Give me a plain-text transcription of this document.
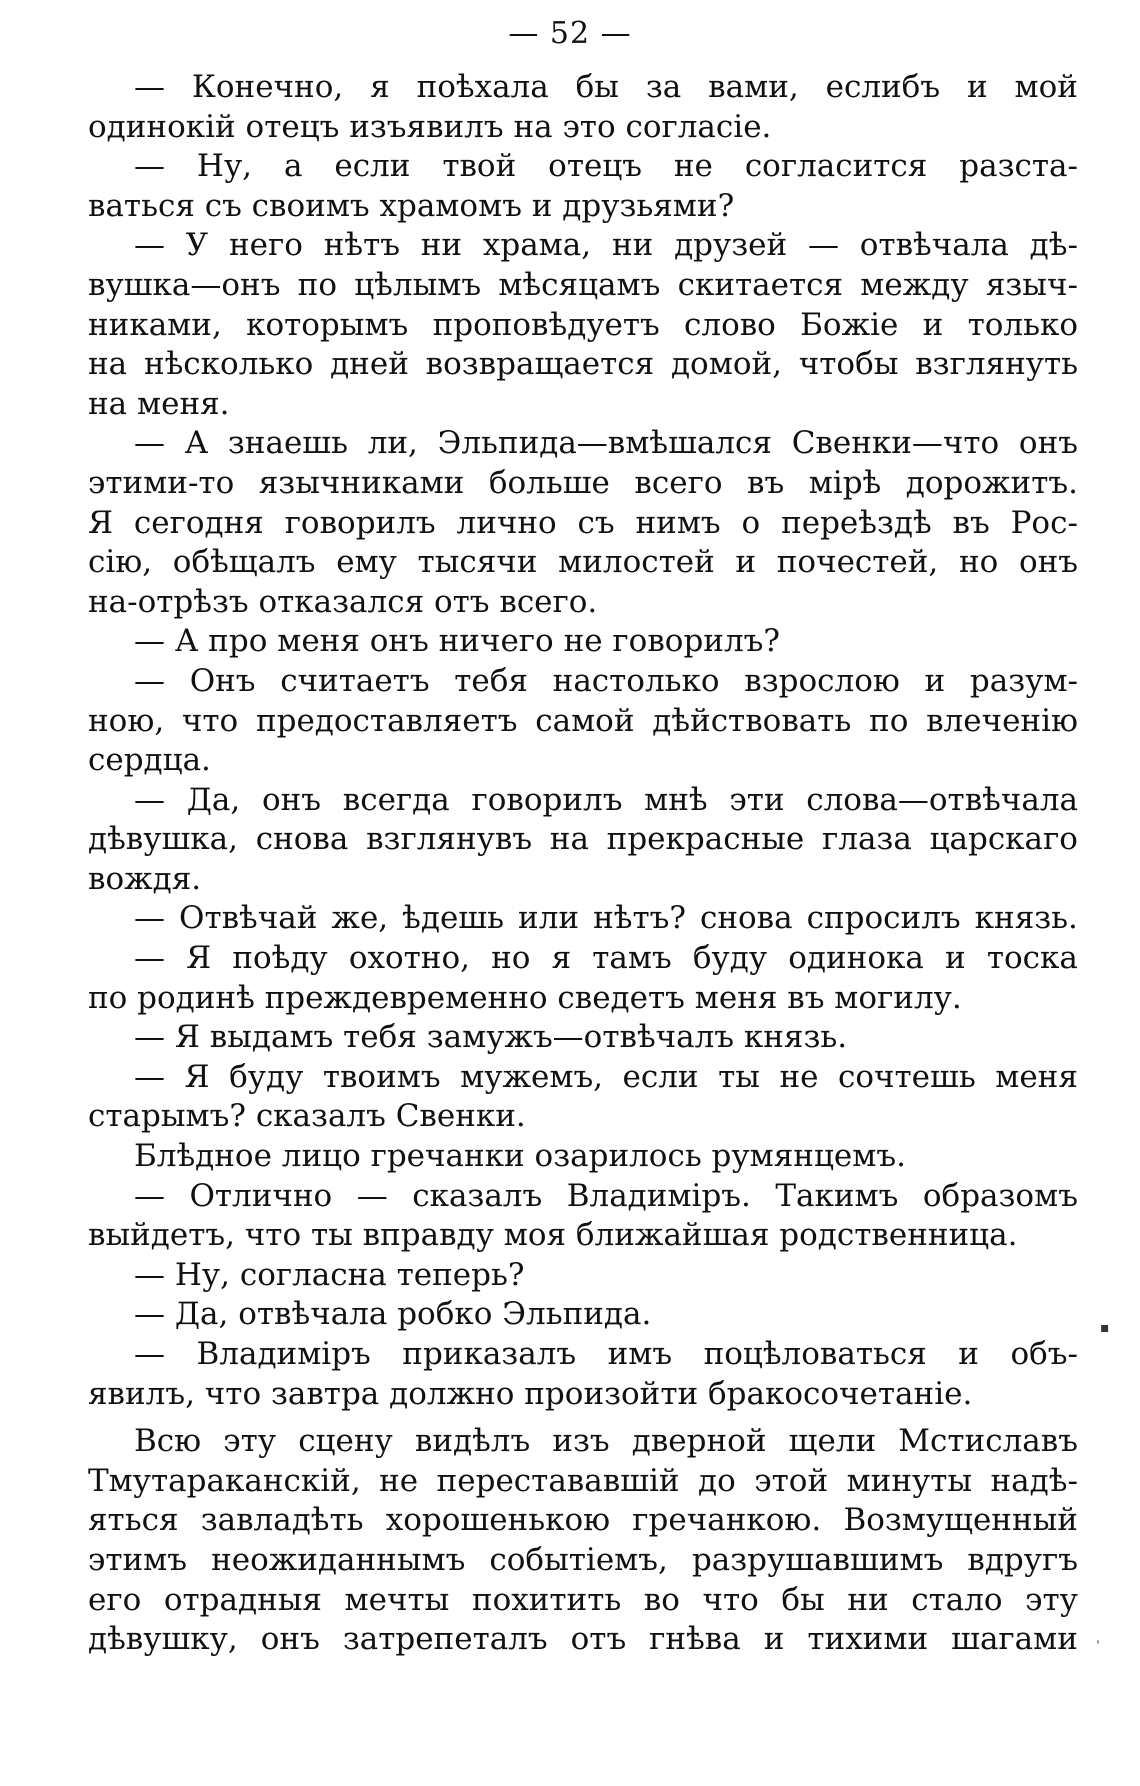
— 52 —
— Конечно, я поѣхала бы за вами, еслибъ и мой
одинокій отецъ изъявилъ на это согласіе.
— Ну, а если твой отецъ не согласится разста-
ваться съ своимъ храмомъ и друзьями?
— У него нѣтъ ни храма, ни друзей — отвѣчала дѣ-
вушка—онъ по цѣлымъ мѣсяцамъ скитается между языч-
никами, которымъ проповѣдуетъ слово Божіе и только
на нѣсколько дней возвращается домой, чтобы взглянуть
на меня.
— А знаешь ли, Эльпида—вмѣшался Свенки—что онъ
этими-то язычниками больше всего въ мірѣ дорожитъ.
Я сегодня говорилъ лично съ нимъ о переѣздѣ въ Рос-
сію, обѣщалъ ему тысячи милостей и почестей, но онъ
на-отрѣзъ отказался отъ всего.
— А про меня онъ ничего не говорилъ?
— Онъ считаетъ тебя настолько взрослою и разум-
ною, что предоставляетъ самой дѣйствовать по влеченію
сердца.
— Да, онъ всегда говорилъ мнѣ эти слова—отвѣчала
дѣвушка, снова взглянувъ на прекрасные глаза царскаго
вождя.
— Отвѣчай же, ѣдешь или нѣтъ? снова спросилъ князь.
— Я поѣду охотно, но я тамъ буду одинока и тоска
по родинѣ преждевременно сведетъ меня въ могилу.
— Я выдамъ тебя замужъ—отвѣчалъ князь.
— Я буду твоимъ мужемъ, если ты не сочтешь меня
старымъ? сказалъ Свенки.
Блѣдное лицо гречанки озарилось румянцемъ.
— Отлично — сказалъ Владиміръ. Такимъ образомъ
выйдетъ, что ты вправду моя ближайшая родственница.
— Ну, согласна теперь?
— Да, отвѣчала робко Эльпида.
— Владиміръ приказалъ имъ поцѣловаться и объ-
явилъ, что завтра должно произойти бракосочетаніе.
Всю эту сцену видѣлъ изъ дверной щели Мстиславъ
Тмутараканскій, не перестававшій до этой минуты надѣ-
яться завладѣть хорошенькою гречанкою. Возмущенный
этимъ неожиданнымъ событіемъ, разрушавшимъ вдругъ
его отрадныя мечты похитить во что бы ни стало эту
дѣвушку, онъ затрепеталъ отъ гнѣва и тихими шагами
▪
ˈ
